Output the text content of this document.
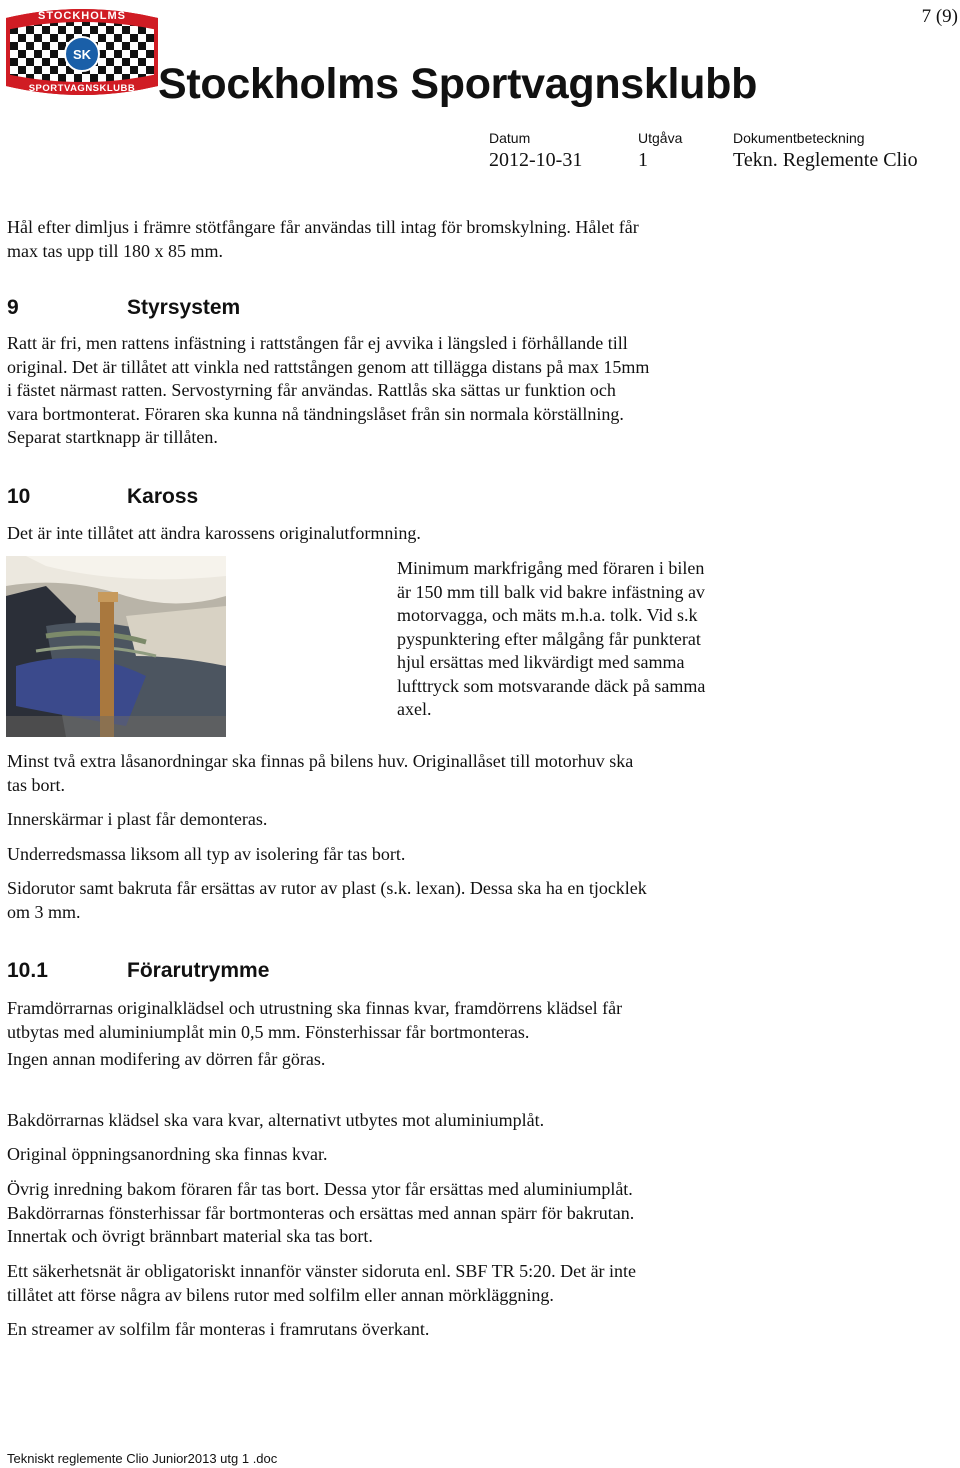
7 (9)
STOCKHOLMS
SPORTVAGNSKLUBB
SK
Stockholms Sportvagnsklubb
Datum	Utgåva	Dokumentbeteckning
2012-10-31	1	Tekn. Reglemente Clio
Hål efter dimljus i främre stötfångare får användas till intag för bromskylning. Hålet får
max tas upp till 180 x 85 mm.
9	Styrsystem
Ratt är fri, men rattens infästning i rattstången får ej avvika i längsled i förhållande till
original. Det är tillåtet att vinkla ned rattstången genom att tillägga distans på max 15mm
i fästet närmast ratten. Servostyrning får användas. Rattlås ska sättas ur funktion och
vara bortmonterat. Föraren ska kunna nå tändningslåset från sin normala körställning.
Separat startknapp är tillåten.
10	Kaross
Det är inte tillåtet att ändra karossens originalutformning.
Minimum markfrigång med föraren i bilen
är 150 mm till balk vid bakre infästning av
motorvagga, och mäts m.h.a. tolk. Vid s.k
pyspunktering efter målgång får punkterat
hjul ersättas med likvärdigt med samma
lufttryck som motsvarande däck på samma
axel.
Minst två extra låsanordningar ska finnas på bilens huv. Originallåset till motorhuv ska
tas bort.
Innerskärmar i plast får demonteras.
Underredsmassa liksom all typ av isolering får tas bort.
Sidorutor samt bakruta får ersättas av rutor av plast (s.k. lexan). Dessa ska ha en tjocklek
om 3 mm.
10.1	Förarutrymme
Framdörrarnas originalklädsel och utrustning ska finnas kvar, framdörrens klädsel får
utbytas med aluminiumplåt min 0,5 mm. Fönsterhissar får bortmonteras.
Ingen annan modifering av dörren får göras.
Bakdörrarnas klädsel ska vara kvar, alternativt utbytes mot aluminiumplåt.
Original öppningsanordning ska finnas kvar.
Övrig inredning bakom föraren får tas bort. Dessa ytor får ersättas med aluminiumplåt.
Bakdörrarnas fönsterhissar får bortmonteras och ersättas med annan spärr för bakrutan.
Innertak och övrigt brännbart material ska tas bort.
Ett säkerhetsnät är obligatoriskt innanför vänster sidoruta enl. SBF TR 5:20. Det är inte
tillåtet att förse några av bilens rutor med solfilm eller annan mörkläggning.
En streamer av solfilm får monteras i framrutans överkant.
Tekniskt reglemente Clio Junior2013 utg 1 .doc
